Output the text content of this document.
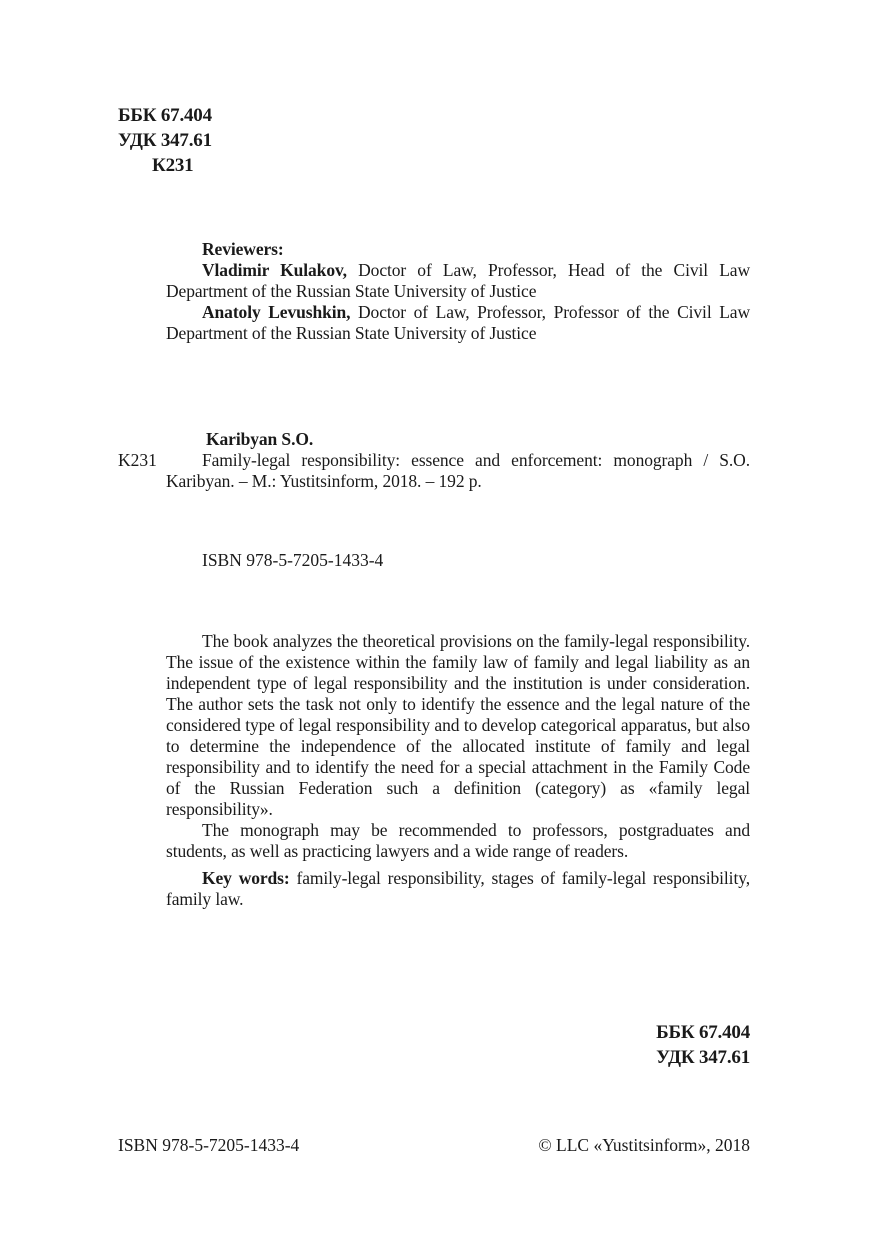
ББК 67.404
УДК 347.61
К231

Reviewers:

Vladimir Kulakov, Doctor of Law, Professor, Head of the Civil Law Department of the Russian State University of Justice

Anatoly Levushkin, Doctor of Law, Professor, Professor of the Civil Law Department of the Russian State University of Justice

Karibyan S.O.
K231	Family-legal responsibility: essence and enforcement: monograph / S.O. Karibyan. – M.: Yustitsinform, 2018. – 192 p.
ISBN 978-5-7205-1433-4

The book analyzes the theoretical provisions on the family-legal responsibility. The issue of the existence within the family law of family and legal liability as an independent type of legal responsibility and the institution is under consideration. The author sets the task not only to identify the essence and the legal nature of the considered type of legal responsibility and to develop categorical apparatus, but also to determine the independence of the allocated institute of family and legal responsibility and to identify the need for a special attachment in the Family Code of the Russian Federation such a definition (category) as «family legal responsibility».

The monograph may be recommended to professors, postgraduates and students, as well as practicing lawyers and a wide range of readers.

Key words: family-legal responsibility, stages of family-legal responsibility, family law.

ББК 67.404
УДК 347.61
ISBN 978-5-7205-1433-4	© LLC «Yustitsinform», 2018
